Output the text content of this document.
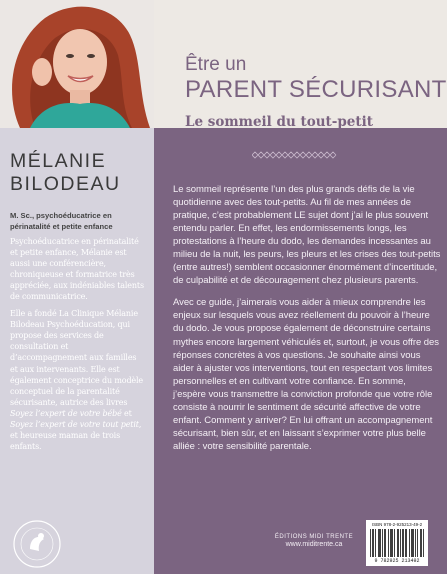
MÉLANIE
BILODEAU
M. Sc., psychoéducatrice en périnatalité et petite enfance

Psychoéducatrice en périnatalité et petite enfance, Mélanie est aussi une conférencière, chroniqueuse et formatrice très appréciée, aux indéniables talents de communicatrice.

Elle a fondé La Clinique Mélanie Bilodeau Psychoéducation, qui propose des services de consultation et d’accompagnement aux familles et aux intervenants. Elle est également conceptrice du modèle conceptuel de la parentalité sécurisante, autrice des livres Soyez l’expert de votre bébé et Soyez l’expert de votre tout petit, et heureuse maman de trois enfants.

Être un
PARENT SÉCURISANT
Le sommeil du tout-petit

Le sommeil représente l’un des plus grands défis de la vie quotidienne avec des tout-petits. Au fil de mes années de pratique, c’est probablement LE sujet dont j’ai le plus souvent entendu parler. En effet, les endormissements longs, les protestations à l’heure du dodo, les demandes incessantes au milieu de la nuit, les peurs, les pleurs et les crises des tout-petits (entre autres!) semblent occasionner énormément d’incertitude, de culpabilité et de découragement chez plusieurs parents.

Avec ce guide, j’aimerais vous aider à mieux comprendre les enjeux sur lesquels vous avez réellement du pouvoir à l’heure du dodo. Je vous propose également de déconstruire certains mythes encore largement véhiculés et, surtout, je vous offre des réponses concrètes à vos questions. Je souhaite ainsi vous aider à ajuster vos interventions, tout en respectant vos limites personnelles et en cultivant votre confiance. En somme, j’espère vous transmettre la conviction profonde que votre rôle consiste à nourrir le sentiment de sécurité affective de votre enfant. Comment y arriver? En lui offrant un accompagnement sécurisant, bien sûr, et en laissant s’exprimer votre plus belle alliée : votre sensibilité parentale.

ÉDITIONS MIDI TRENTE
www.miditrente.ca
ISBN 978-2-925213-49-2
9 782925 213492
